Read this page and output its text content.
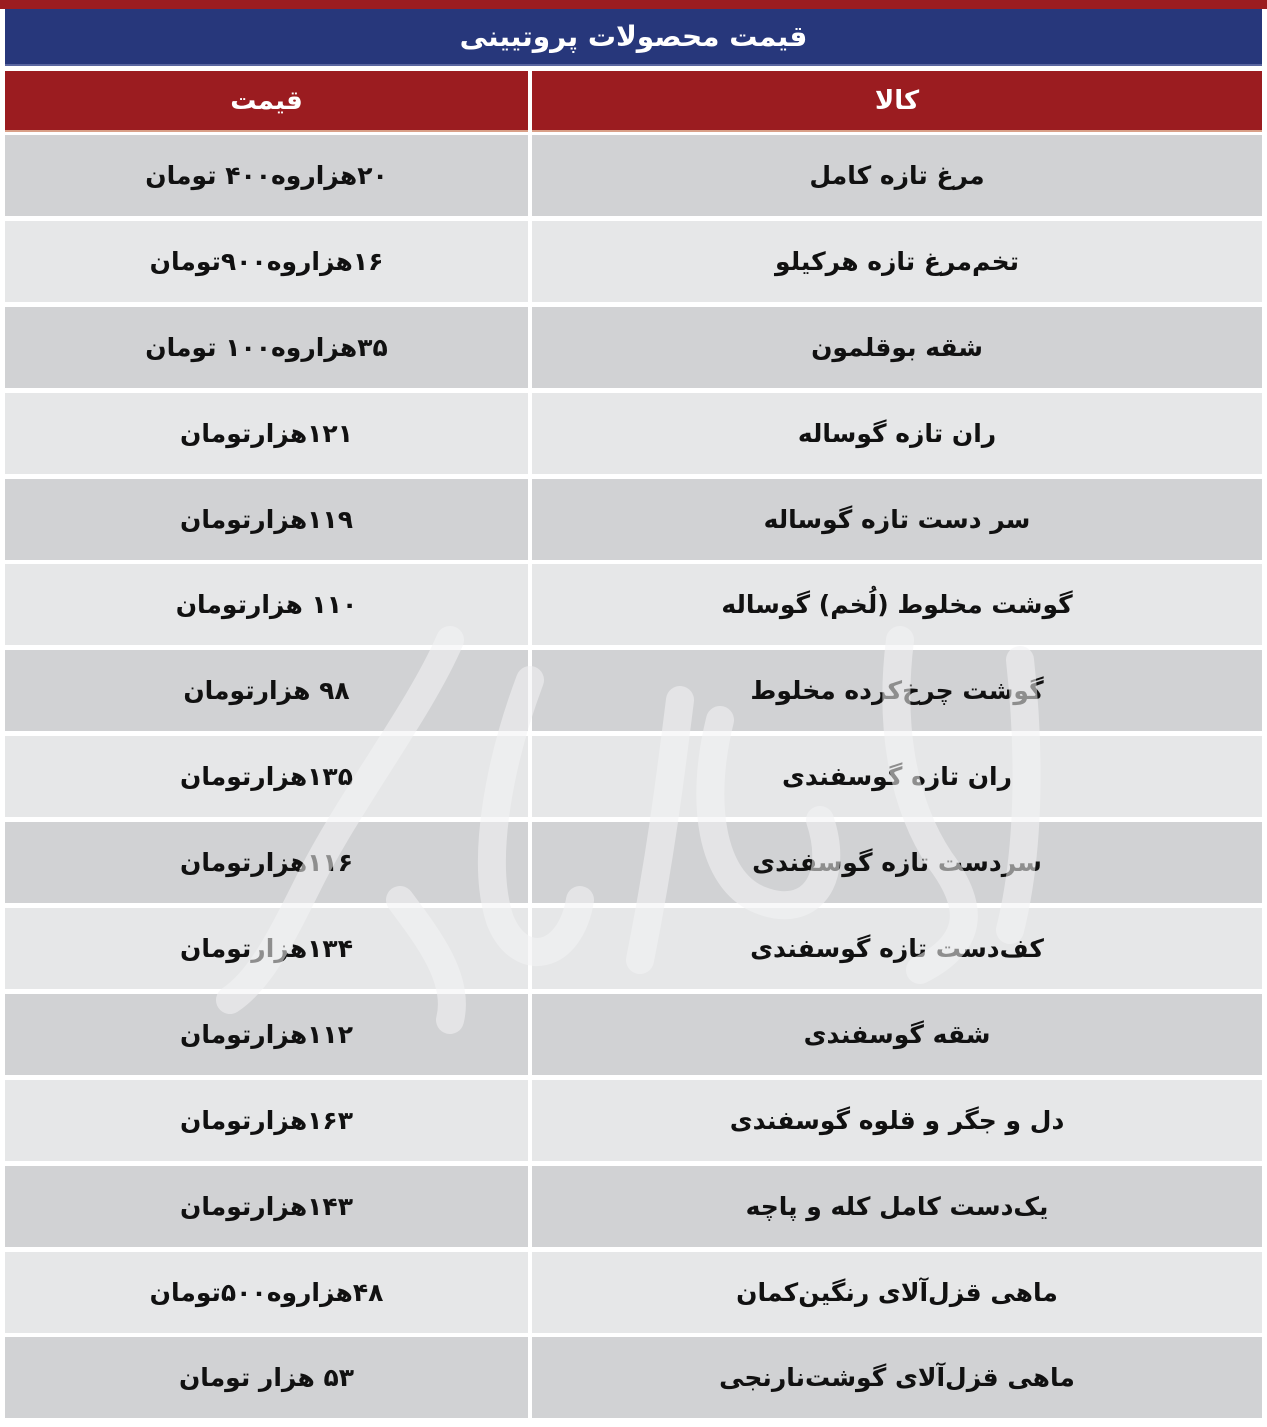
قیمت محصولات پروتیینی
کالا
قیمت
مرغ تازه کامل
۲۰هزاروه۴۰۰ تومان
تخم‌مرغ تازه هرکیلو
۱۶هزاروه۹۰۰تومان
شقه بوقلمون
۳۵هزاروه۱۰۰ تومان
ران تازه گوساله
۱۲۱هزارتومان
سر دست تازه گوساله
۱۱۹هزارتومان
گوشت مخلوط (لُخم) گوساله
۱۱۰ هزارتومان
گوشت چرخ‌کرده مخلوط
۹۸ هزارتومان
ران تازه گوسفندی
۱۳۵هزارتومان
سردست تازه گوسفندی
۱۱۶هزارتومان
کف‌دست تازه گوسفندی
۱۳۴هزارتومان
شقه گوسفندی
۱۱۲هزارتومان
دل و جگر و قلوه گوسفندی
۱۶۳هزارتومان
یک‌دست کامل کله و پاچه
۱۴۳هزارتومان
ماهی قزل‌آلای رنگین‌کمان
۴۸هزاروه۵۰۰تومان
ماهی قزل‌آلای گوشت‌نارنجی
۵۳ هزار تومان
